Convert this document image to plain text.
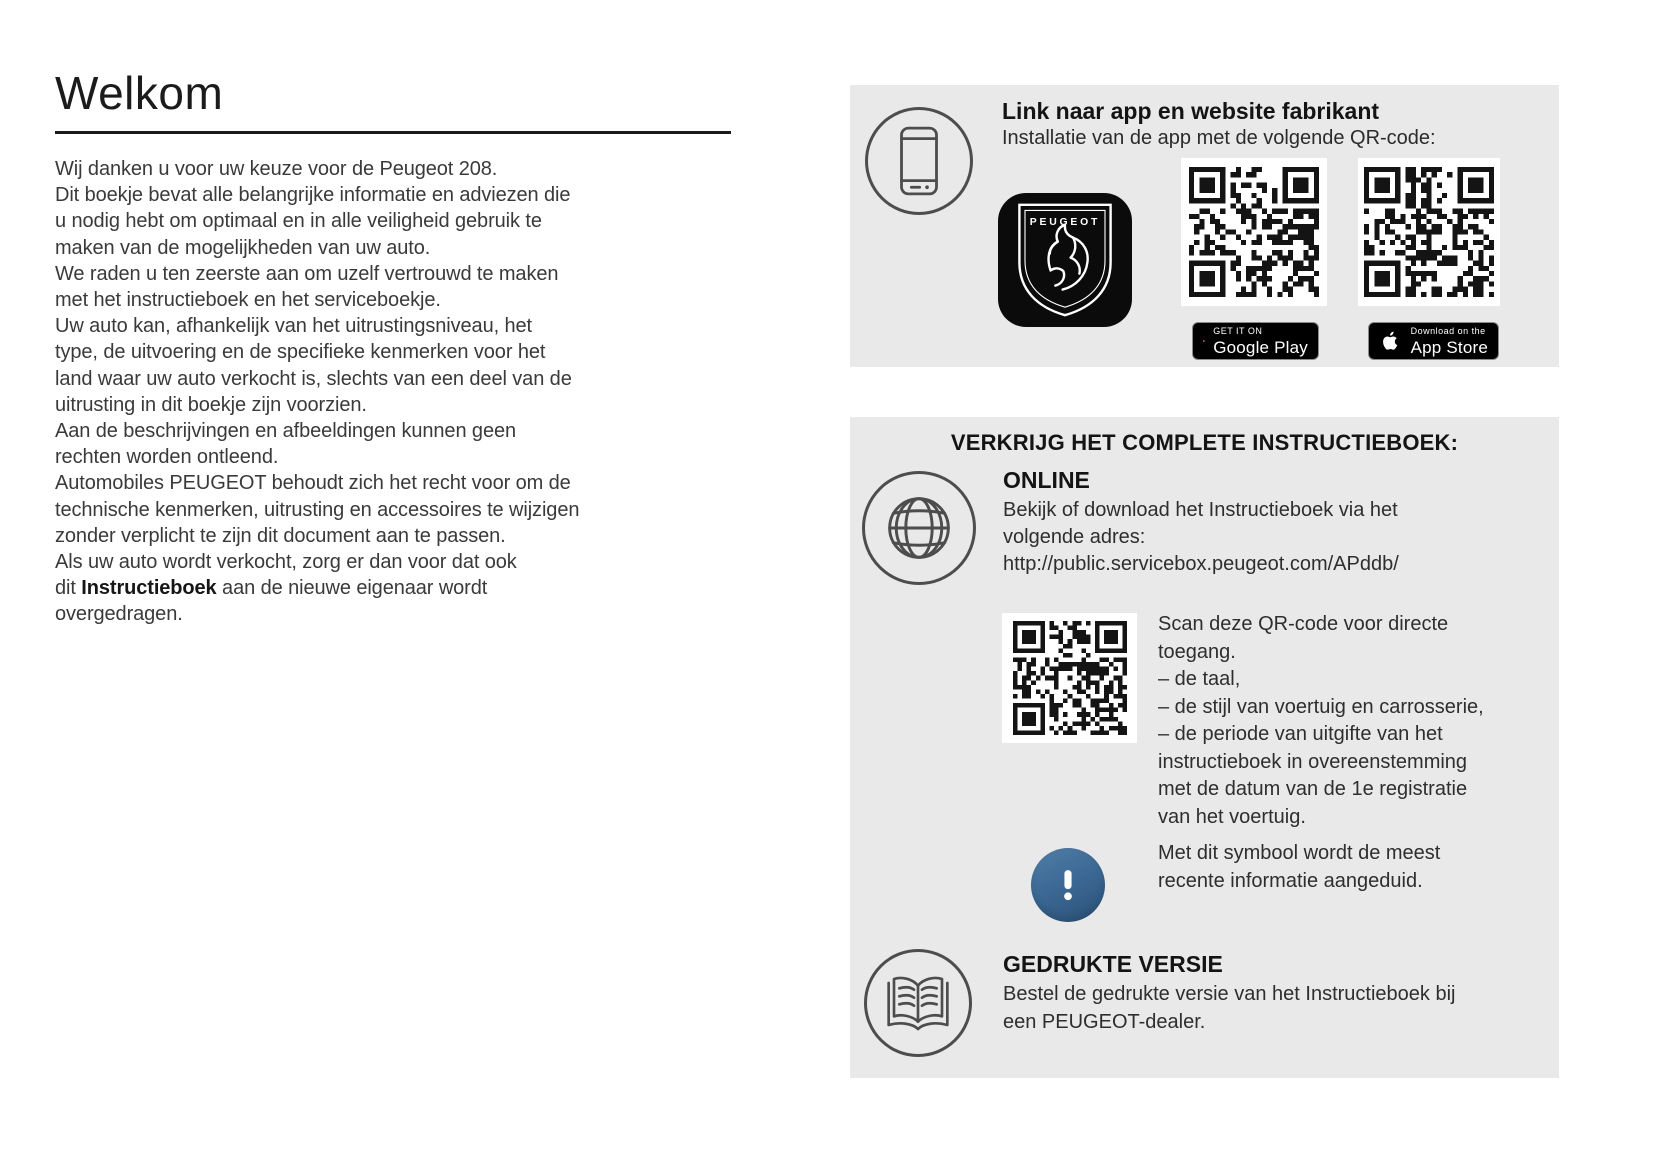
Welkom
Wij danken u voor uw keuze voor de Peugeot 208.
Dit boekje bevat alle belangrijke informatie en adviezen die
u nodig hebt om optimaal en in alle veiligheid gebruik te
maken van de mogelijkheden van uw auto.
We raden u ten zeerste aan om uzelf vertrouwd te maken
met het instructieboek en het serviceboekje.
Uw auto kan, afhankelijk van het uitrustingsniveau, het
type, de uitvoering en de specifieke kenmerken voor het
land waar uw auto verkocht is, slechts van een deel van de
uitrusting in dit boekje zijn voorzien.
Aan de beschrijvingen en afbeeldingen kunnen geen
rechten worden ontleend.
Automobiles PEUGEOT behoudt zich het recht voor om de
technische kenmerken, uitrusting en accessoires te wijzigen
zonder verplicht te zijn dit document aan te passen.
Als uw auto wordt verkocht, zorg er dan voor dat ook
dit Instructieboek aan de nieuwe eigenaar wordt
overgedragen.
Link naar app en website fabrikant
Installatie van de app met de volgende QR-code:
PEUGEOT
GET IT ON
Google Play
Download on the
App Store
VERKRIJG HET COMPLETE INSTRUCTIEBOEK:
ONLINE
Bekijk of download het Instructieboek via het
volgende adres:
http://public.servicebox.peugeot.com/APddb/
Scan deze QR-code voor directe
toegang.
– de taal,
– de stijl van voertuig en carrosserie,
– de periode van uitgifte van het
instructieboek in overeenstemming
met de datum van de 1e registratie
van het voertuig.
Met dit symbool wordt de meest
recente informatie aangeduid.
GEDRUKTE VERSIE
Bestel de gedrukte versie van het Instructieboek bij
een PEUGEOT-dealer.
